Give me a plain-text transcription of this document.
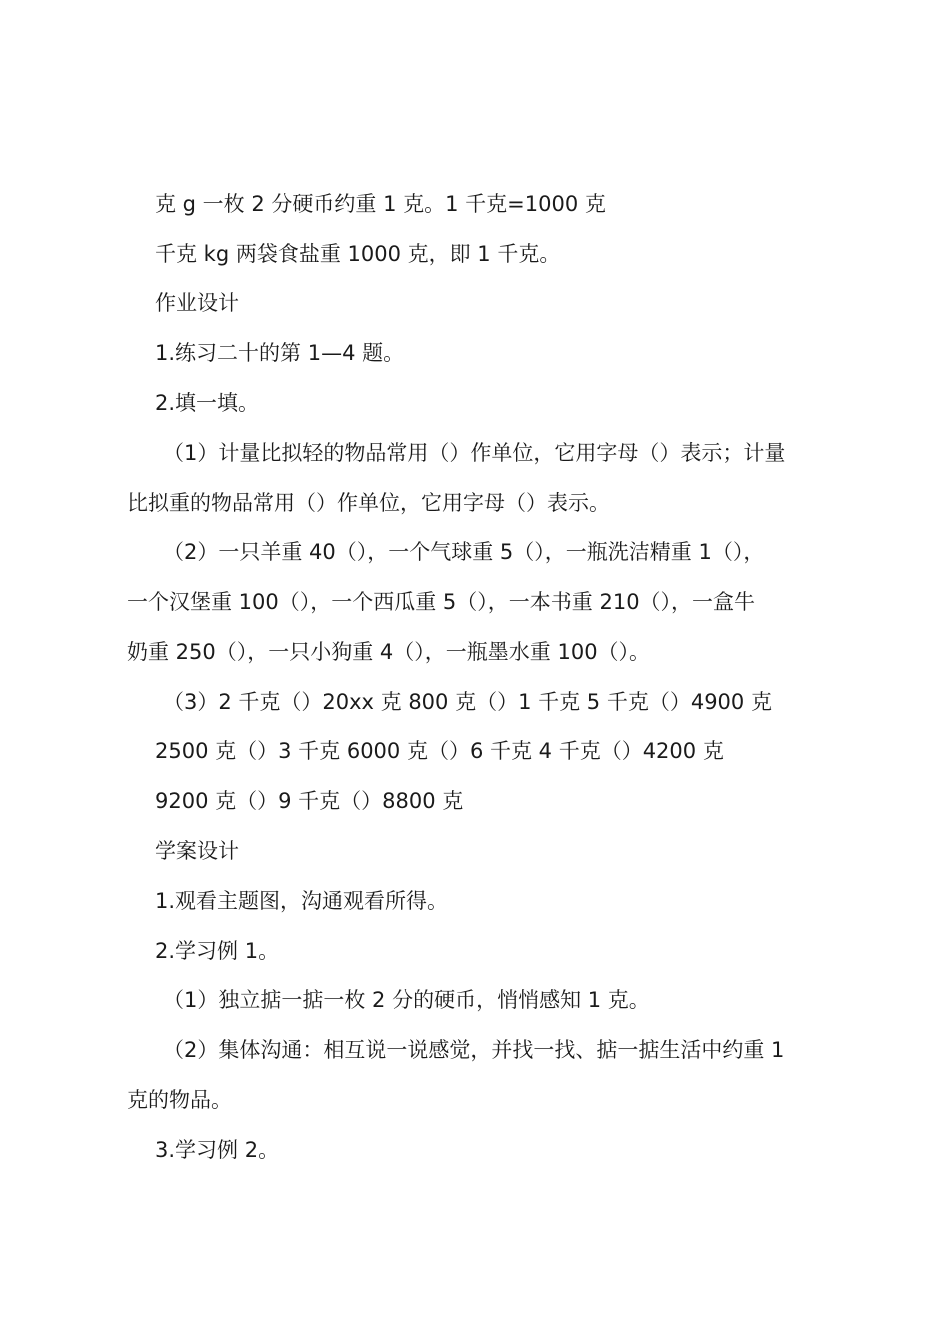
克 g 一枚 2 分硬币约重 1 克。1 千克=1000 克
千克 kg 两袋食盐重 1000 克，即 1 千克。
作业设计
1.练习二十的第 1—4 题。
2.填一填。
（1）计量比拟轻的物品常用（）作单位，它用字母（）表示；计量
比拟重的物品常用（）作单位，它用字母（）表示。
（2）一只羊重 40（），一个气球重 5（），一瓶洗洁精重 1（），
一个汉堡重 100（），一个西瓜重 5（），一本书重 210（），一盒牛
奶重 250（），一只小狗重 4（），一瓶墨水重 100（）。
（3）2 千克（）20xx 克 800 克（）1 千克 5 千克（）4900 克
2500 克（）3 千克 6000 克（）6 千克 4 千克（）4200 克
9200 克（）9 千克（）8800 克
学案设计
1.观看主题图，沟通观看所得。
2.学习例 1。
（1）独立掂一掂一枚 2 分的硬币，悄悄感知 1 克。
（2）集体沟通：相互说一说感觉，并找一找、掂一掂生活中约重 1
克的物品。
3.学习例 2。
